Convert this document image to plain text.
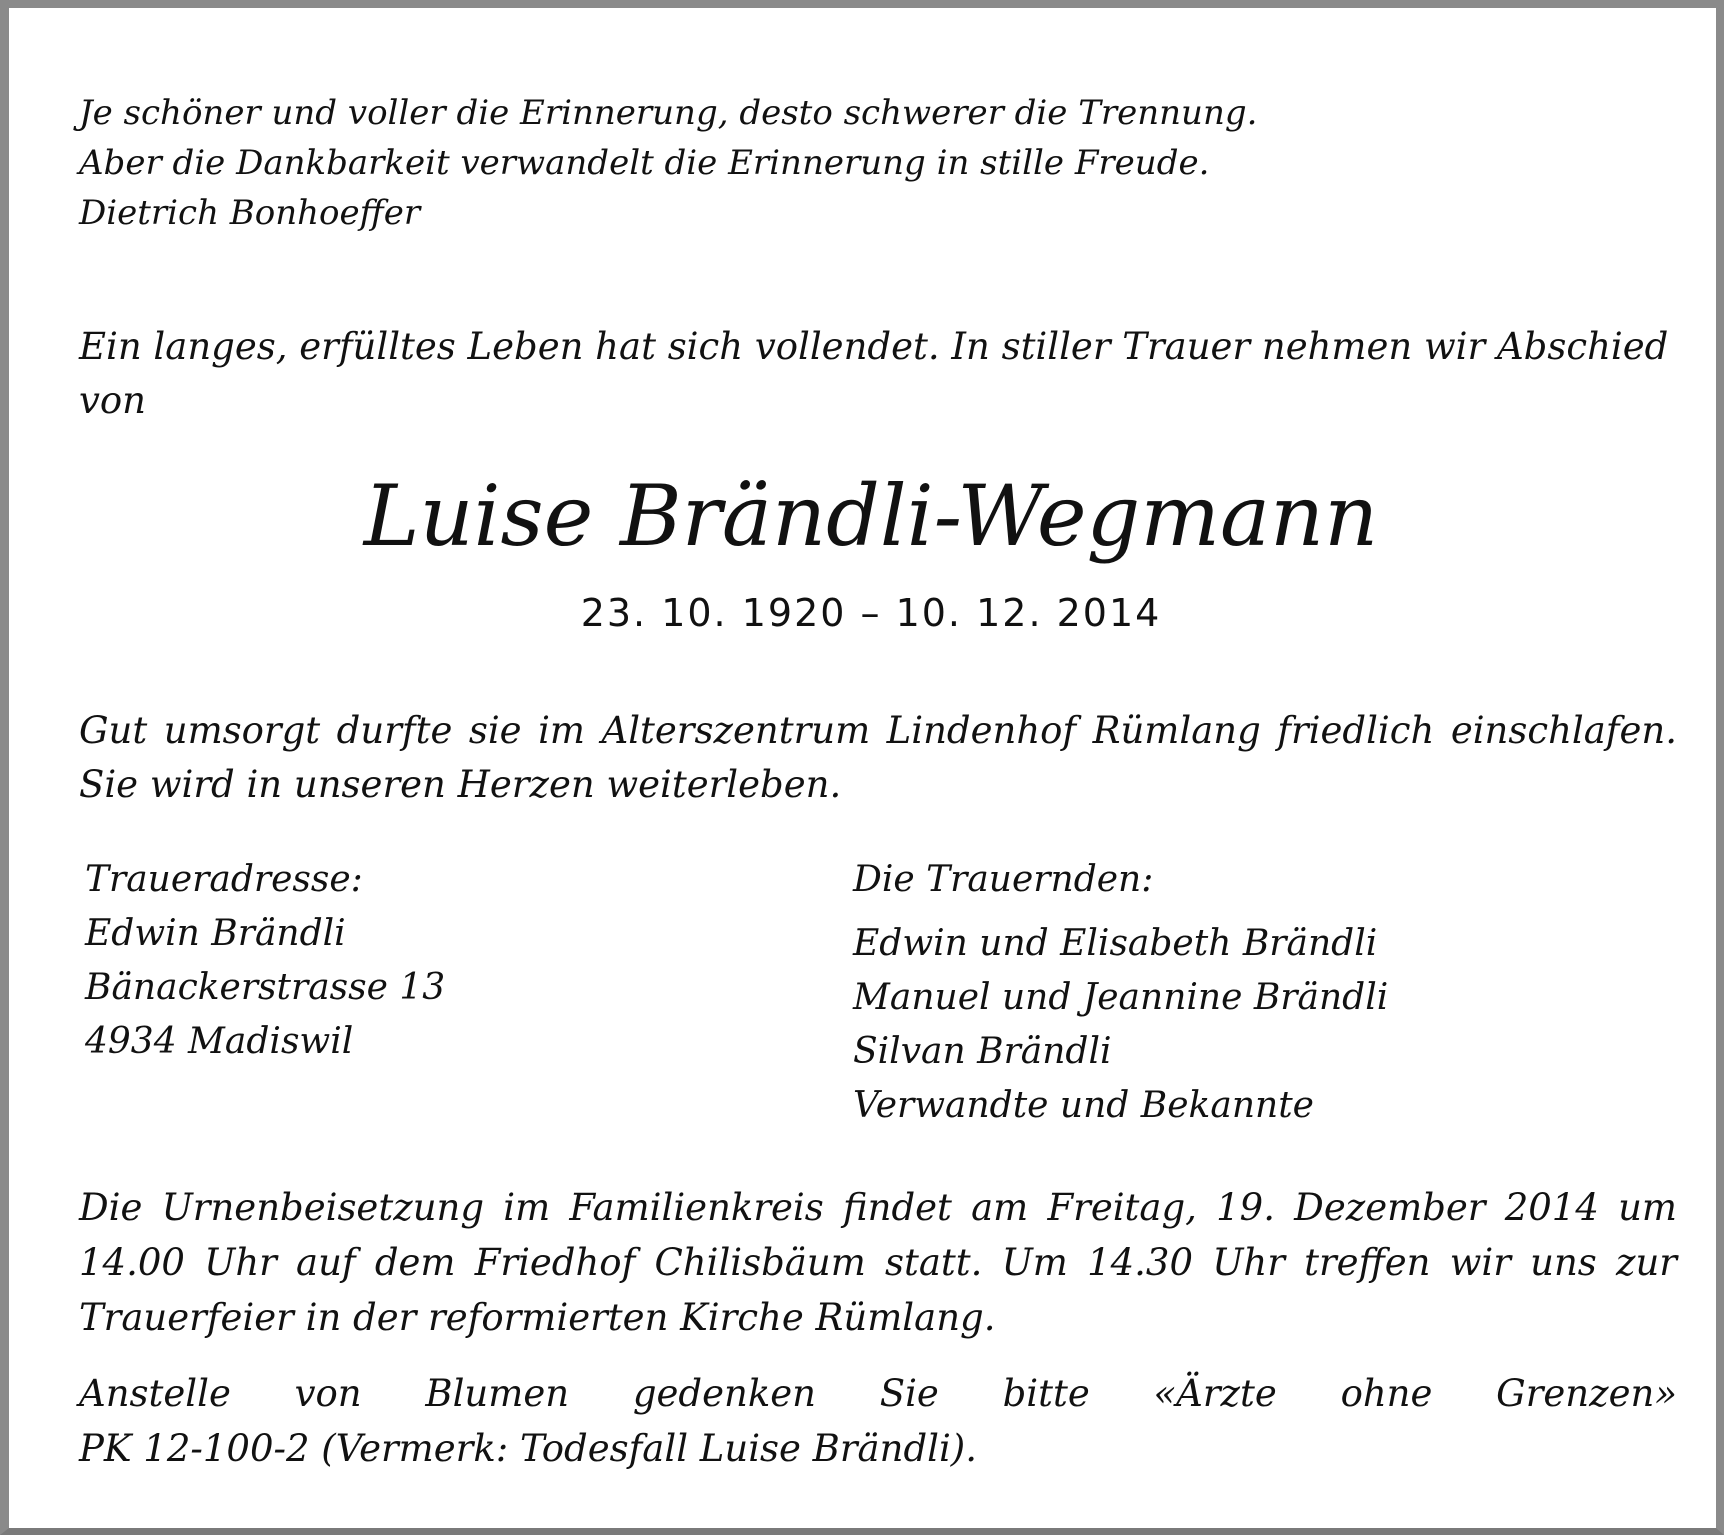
Je schöner und voller die Erinnerung, desto schwerer die Trennung.
Aber die Dankbarkeit verwandelt die Erinnerung in stille Freude.
Dietrich Bonhoeffer

Ein langes, erfülltes Leben hat sich vollendet. In stiller Trauer nehmen wir Abschied von

Luise Brändli-Wegmann
23. 10. 1920 – 10. 12. 2014

Gut umsorgt durfte sie im Alterszentrum Lindenhof Rümlang friedlich einschlafen. Sie wird in unseren Herzen weiterleben.

Traueradresse:
Edwin Brändli
Bänackerstrasse 13
4934 Madiswil
Die Trauernden:
Edwin und Elisabeth Brändli
Manuel und Jeannine Brändli
Silvan Brändli
Verwandte und Bekannte

Die Urnenbeisetzung im Familienkreis findet am Freitag, 19. Dezember 2014 um 14.00 Uhr auf dem Friedhof Chilisbäum statt. Um 14.30 Uhr treffen wir uns zur Trauerfeier in der reformierten Kirche Rümlang.

Anstelle von Blumen gedenken Sie bitte «Ärzte ohne Grenzen»
PK 12-100-2 (Vermerk: Todesfall Luise Brändli).
